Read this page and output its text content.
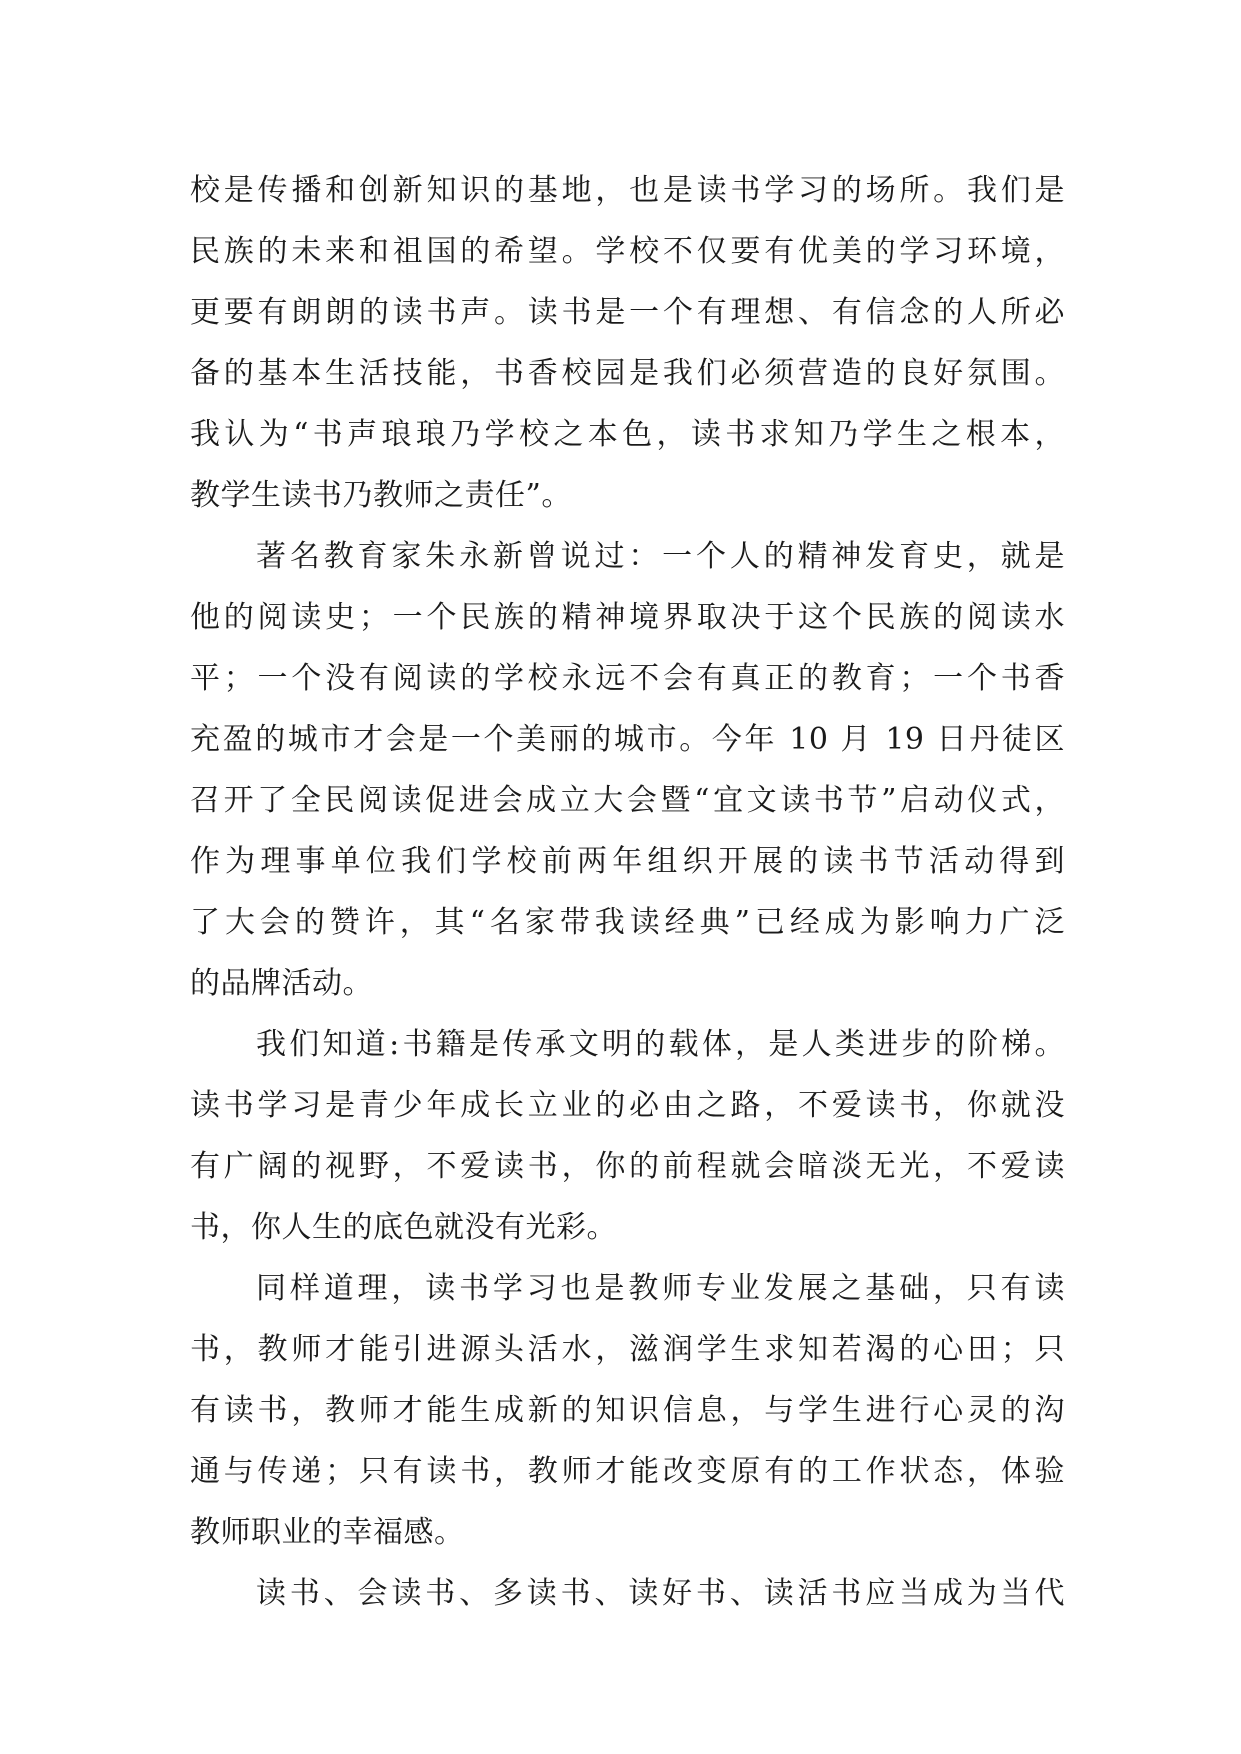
校是传播和创新知识的基地，也是读书学习的场所。我们是
民族的未来和祖国的希望。学校不仅要有优美的学习环境，
更要有朗朗的读书声。读书是一个有理想、有信念的人所必
备的基本生活技能，书香校园是我们必须营造的良好氛围。
我认为“书声琅琅乃学校之本色，读书求知乃学生之根本，
教学生读书乃教师之责任”。
著名教育家朱永新曾说过：一个人的精神发育史，就是
他的阅读史；一个民族的精神境界取决于这个民族的阅读水
平；一个没有阅读的学校永远不会有真正的教育；一个书香
充盈的城市才会是一个美丽的城市。今年 10 月 19 日丹徒区
召开了全民阅读促进会成立大会暨“宜文读书节”启动仪式，
作为理事单位我们学校前两年组织开展的读书节活动得到
了大会的赞许，其“名家带我读经典”已经成为影响力广泛
的品牌活动。
我们知道:书籍是传承文明的载体，是人类进步的阶梯。
读书学习是青少年成长立业的必由之路，不爱读书，你就没
有广阔的视野，不爱读书，你的前程就会暗淡无光，不爱读
书，你人生的底色就没有光彩。
同样道理，读书学习也是教师专业发展之基础，只有读
书，教师才能引进源头活水，滋润学生求知若渴的心田；只
有读书，教师才能生成新的知识信息，与学生进行心灵的沟
通与传递；只有读书，教师才能改变原有的工作状态，体验
教师职业的幸福感。
读书、会读书、多读书、读好书、读活书应当成为当代
